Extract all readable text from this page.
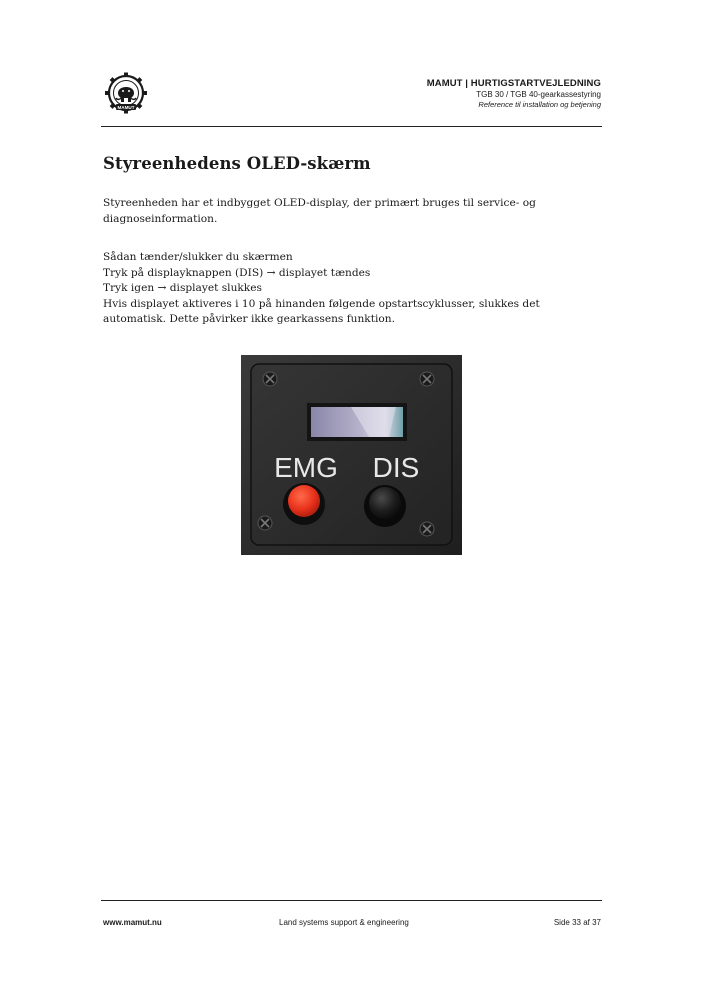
MAMUT
MAMUT | HURTIGSTARTVEJLEDNING
TGB 30 / TGB 40-gearkassestyring
Reference til installation og betjening
Styreenhedens OLED-skærm

Styreenheden har et indbygget OLED-display, der primært bruges til service- og diagnoseinformation.

Sådan tænder/slukker du skærmen

Tryk på displayknappen (DIS) → displayet tændes

Tryk igen → displayet slukkes

Hvis displayet aktiveres i 10 på hinanden følgende opstartscyklusser, slukkes det automatisk. Dette påvirker ikke gearkassens funktion.

EMG DIS
www.mamut.nu	Land systems support & engineering	Side 33 af 37
